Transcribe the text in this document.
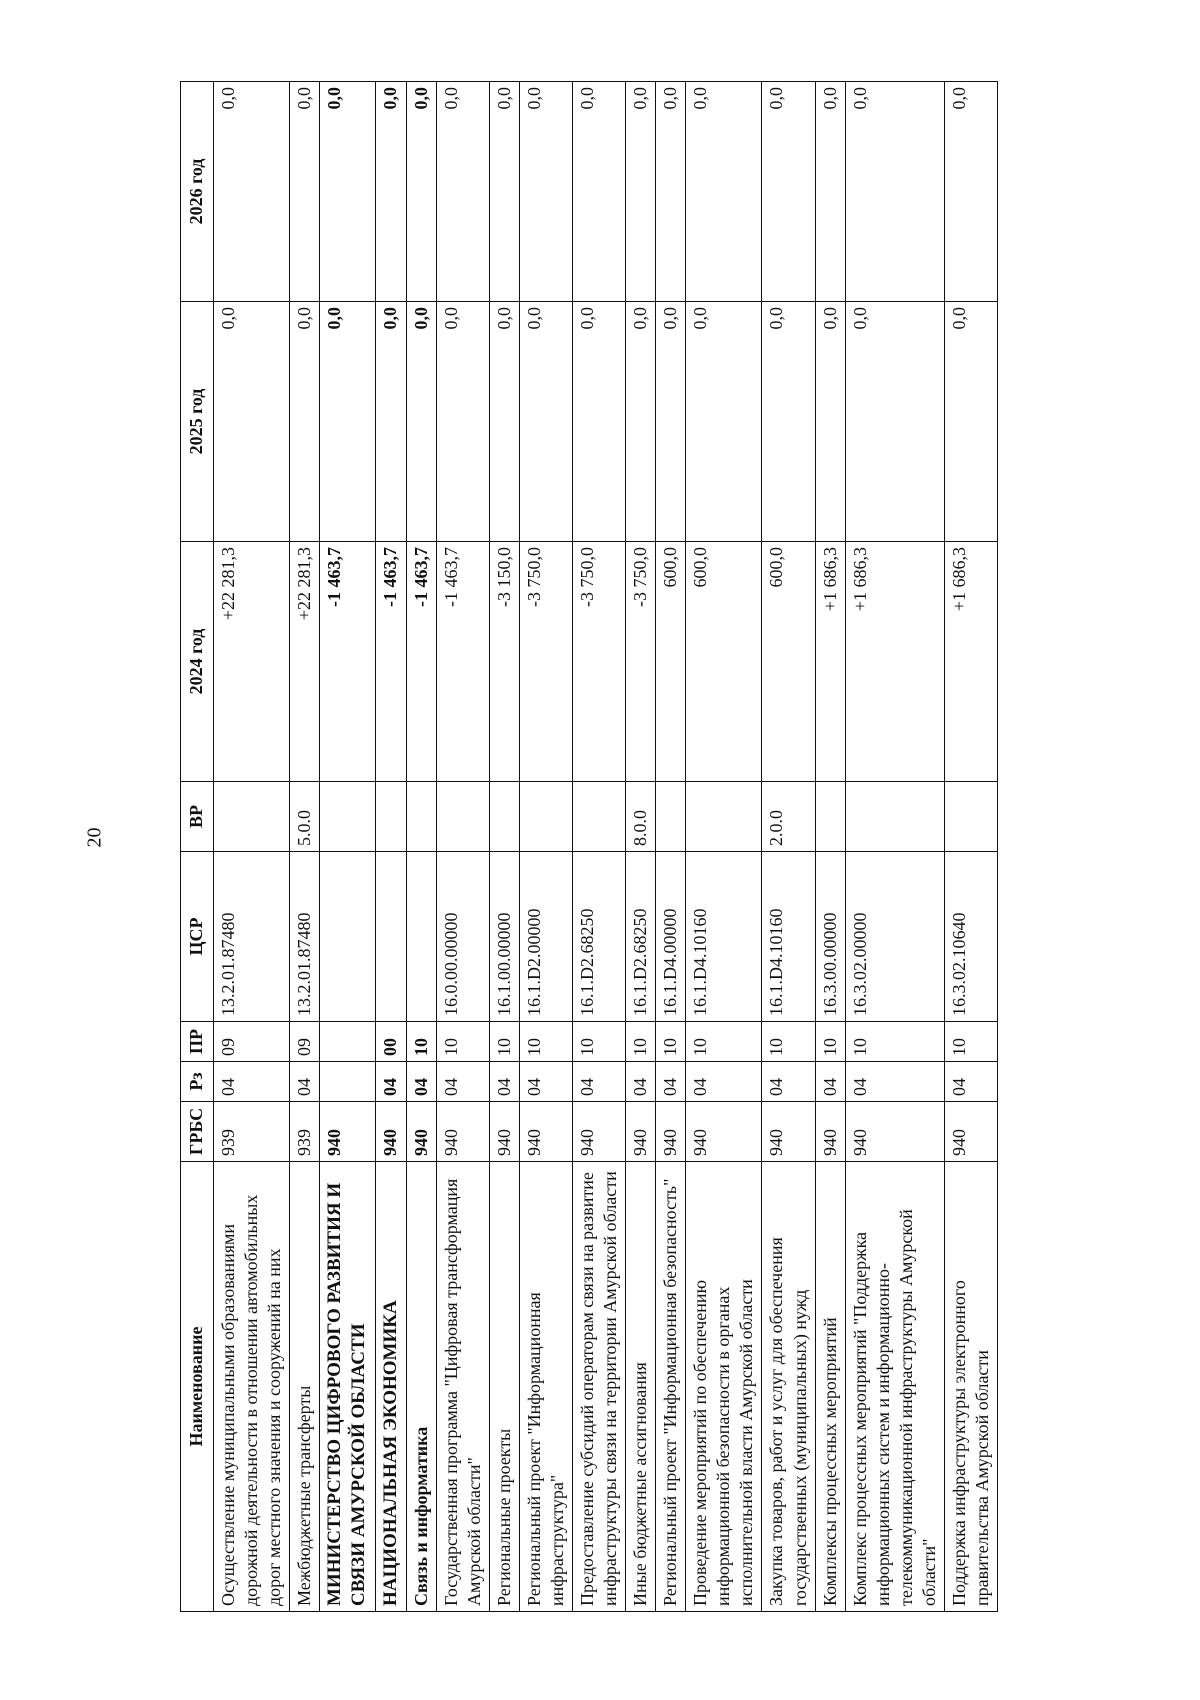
20
Наименование	ГРБС	Рз	ПР	ЦСР	ВР	2024 год	2025 год	2026 год
Осуществление муниципальными образованиями дорожной деятельности в отношении автомобильных дорог местного значения и сооружений на них	939	04	09	13.2.01.87480		+22 281,3	0,0	0,0
Межбюджетные трансферты	939	04	09	13.2.01.87480	5.0.0	+22 281,3	0,0	0,0
МИНИСТЕРСТВО ЦИФРОВОГО РАЗВИТИЯ И СВЯЗИ АМУРСКОЙ ОБЛАСТИ	940					-1 463,7	0,0	0,0
НАЦИОНАЛЬНАЯ ЭКОНОМИКА	940	04	00			-1 463,7	0,0	0,0
Связь и информатика	940	04	10			-1 463,7	0,0	0,0
Государственная программа "Цифровая трансформация Амурской области"	940	04	10	16.0.00.00000		-1 463,7	0,0	0,0
Региональные проекты	940	04	10	16.1.00.00000		-3 150,0	0,0	0,0
Региональный проект "Информационная инфраструктура"	940	04	10	16.1.D2.00000		-3 750,0	0,0	0,0
Предоставление субсидий операторам связи на развитие инфраструктуры связи на территории Амурской области	940	04	10	16.1.D2.68250		-3 750,0	0,0	0,0
Иные бюджетные ассигнования	940	04	10	16.1.D2.68250	8.0.0	-3 750,0	0,0	0,0
Региональный проект "Информационная безопасность"	940	04	10	16.1.D4.00000		600,0	0,0	0,0
Проведение мероприятий по обеспечению информационной безопасности в органах исполнительной власти Амурской области	940	04	10	16.1.D4.10160		600,0	0,0	0,0
Закупка товаров, работ и услуг для обеспечения государственных (муниципальных) нужд	940	04	10	16.1.D4.10160	2.0.0	600,0	0,0	0,0
Комплексы процессных мероприятий	940	04	10	16.3.00.00000		+1 686,3	0,0	0,0
Комплекс процессных мероприятий "Поддержка информационных систем и информационно-телекоммуникационной инфраструктуры Амурской области"	940	04	10	16.3.02.00000		+1 686,3	0,0	0,0
Поддержка инфраструктуры электронного правительства Амурской области	940	04	10	16.3.02.10640		+1 686,3	0,0	0,0
